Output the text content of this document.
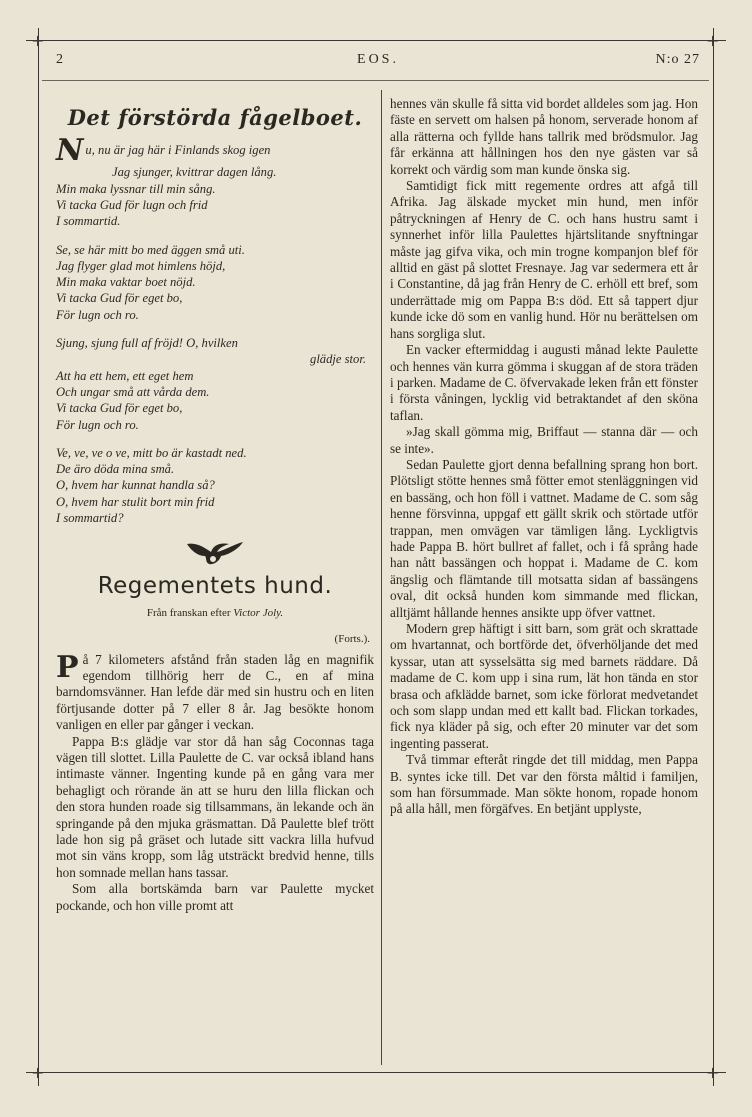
+	+
+	+
2	EOS.	N:o 27
Det förstörda fågelboet.
Nu, nu är jag här i Finlands skog igen
Jag sjunger, kvittrar dagen lång.
Min maka lyssnar till min sång.
Vi tacka Gud för lugn och frid
I sommartid.
Se, se här mitt bo med äggen små uti.
Jag flyger glad mot himlens höjd,
Min maka vaktar boet nöjd.
Vi tacka Gud för eget bo,
För lugn och ro.
Sjung, sjung full af fröjd! O, hvilken
glädje stor.
Att ha ett hem, ett eget hem
Och ungar små att vårda dem.
Vi tacka Gud för eget bo,
För lugn och ro.
Ve, ve, ve o ve, mitt bo är kastadt ned.
De äro döda mina små.
O, hvem har kunnat handla så?
O, hvem har stulit bort min frid
I sommartid?
Regementets hund.
Från franskan efter Victor Joly.
(Forts.).

På 7 kilometers afstånd från staden låg en magnifik egendom tillhörig herr de C., en af mina barndomsvänner. Han lefde där med sin hustru och en liten förtjusande dotter på 7 eller 8 år. Jag besökte honom vanligen en eller par gånger i veckan.

Pappa B:s glädje var stor då han såg Coconnas taga vägen till slottet. Lilla Paulette de C. var också ibland hans intimaste vänner. Ingenting kunde på en gång vara mer behagligt och rörande än att se huru den lilla flickan och den stora hunden roade sig tillsammans, än lekande och än springande på den mjuka gräsmattan. Då Paulette blef trött lade hon sig på gräset och lutade sitt vackra lilla hufvud mot sin väns kropp, som låg utsträckt bredvid henne, tills hon somnade mellan hans tassar.

Som alla bortskämda barn var Paulette mycket pockande, och hon ville promt att

hennes vän skulle få sitta vid bordet alldeles som jag. Hon fäste en servett om halsen på honom, serverade honom af alla rätterna och fyllde hans tallrik med brödsmulor. Jag får erkänna att hållningen hos den nye gästen var så korrekt och värdig som man kunde önska sig.

Samtidigt fick mitt regemente ordres att afgå till Afrika. Jag älskade mycket min hund, men inför påtryckningen af Henry de C. och hans hustru samt i synnerhet inför lilla Paulettes hjärtslitande snyftningar måste jag gifva vika, och min trogne kompanjon blef för alltid en gäst på slottet Fresnaye. Jag var sedermera ett år i Constantine, då jag från Henry de C. erhöll ett bref, som underrättade mig om Pappa B:s död. Ett så tappert djur kunde icke dö som en vanlig hund. Hör nu berättelsen om hans sorgliga slut.

En vacker eftermiddag i augusti månad lekte Paulette och hennes vän kurra gömma i skuggan af de stora träden i parken. Madame de C. öfvervakade leken från ett fönster i första våningen, lycklig vid betraktandet af den sköna taflan.

»Jag skall gömma mig, Briffaut — stanna där — och se inte».

Sedan Paulette gjort denna befallning sprang hon bort. Plötsligt stötte hennes små fötter emot stenläggningen vid en bassäng, och hon föll i vattnet. Madame de C. som såg henne försvinna, uppgaf ett gällt skrik och störtade utför trappan, men omvägen var tämligen lång. Lyckligtvis hade Pappa B. hört bullret af fallet, och i få språng hade han nått bassängen och hoppat i. Madame de C. kom ängslig och flämtande till motsatta sidan af bassängens oval, dit också hunden kom simmande med flickan, alltjämt hållande hennes ansikte upp öfver vattnet.

Modern grep häftigt i sitt barn, som grät och skrattade om hvartannat, och bortförde det, öfverhöljande det med kyssar, utan att sysselsätta sig med barnets räddare. Då madame de C. kom upp i sina rum, lät hon tända en stor brasa och afklädde barnet, som icke förlorat medvetandet och som slapp undan med ett kallt bad. Flickan torkades, fick nya kläder på sig, och efter 20 minuter var det som ingenting passerat.

Två timmar efteråt ringde det till middag, men Pappa B. syntes icke till. Det var den första måltid i familjen, som han försummade. Man sökte honom, ropade honom på alla håll, men förgäfves. En betjänt upplyste,
